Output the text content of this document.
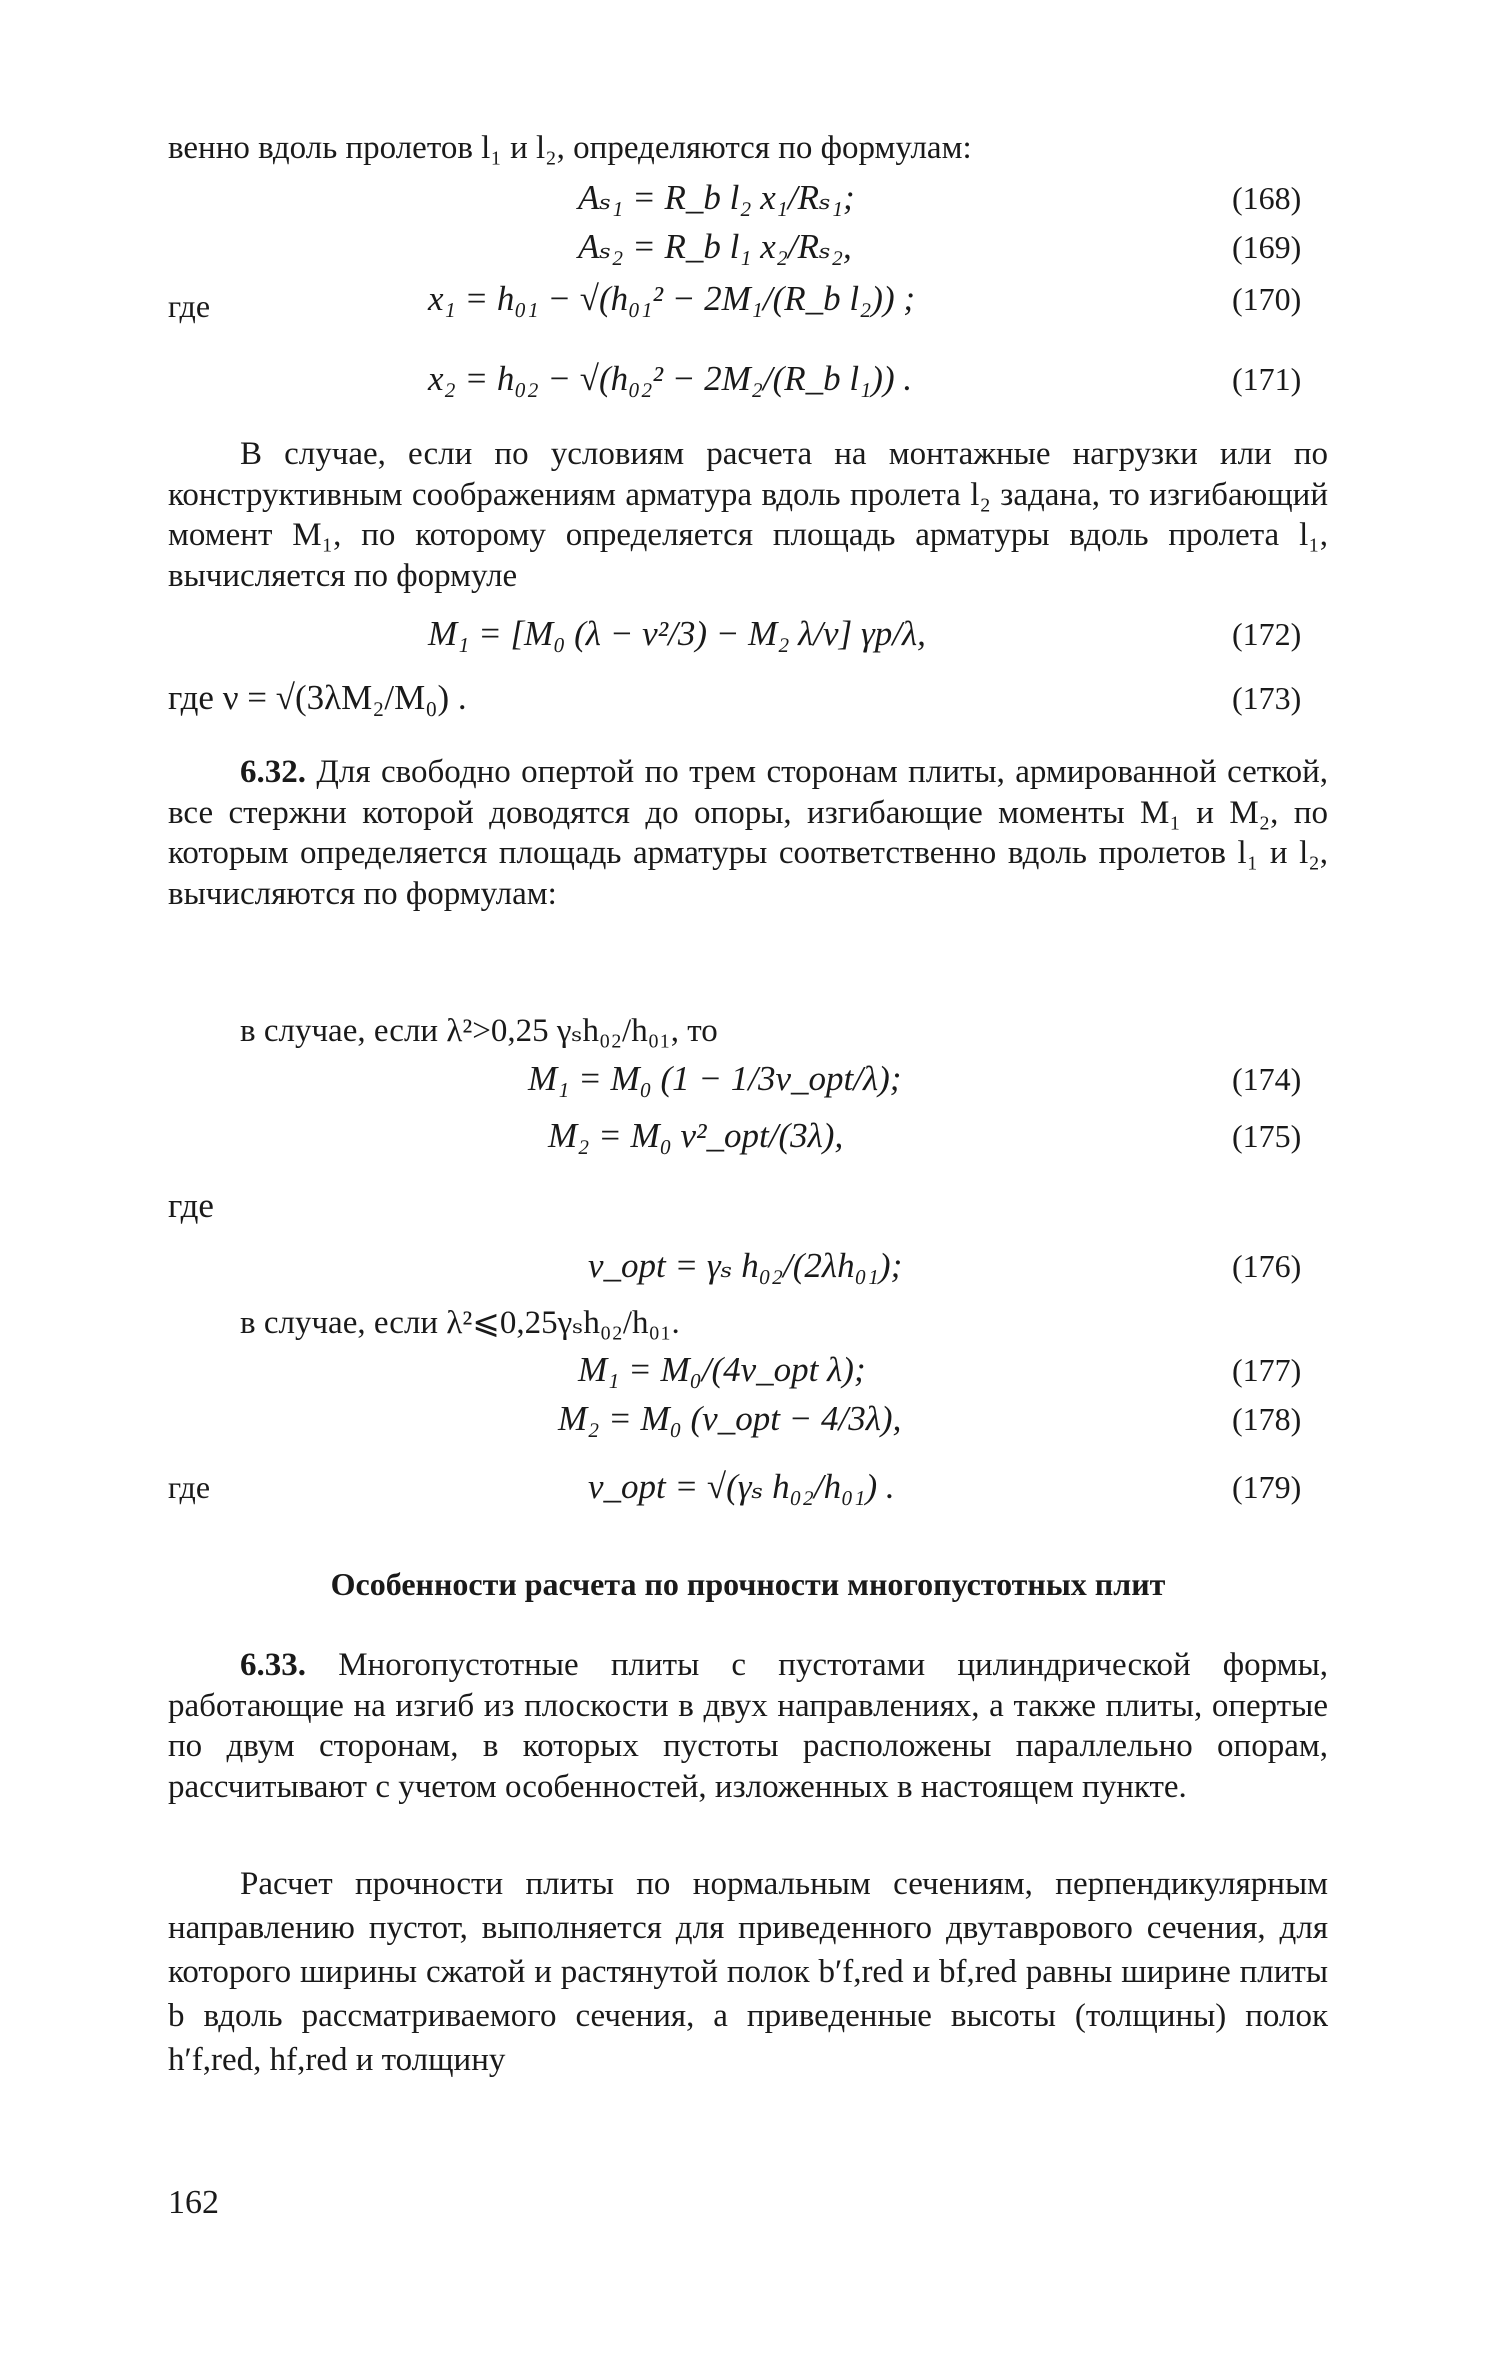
венно вдоль пролетов l₁ и l₂, определяются по формулам:
Aₛ₁ = R_b l₂ x₁/Rₛ₁;	(168)
Aₛ₂ = R_b l₁ x₂/Rₛ₂,	(169)
где	x₁ = h₀₁ − √(h₀₁² − 2M₁/(R_b l₂)) ;	(170)
x₂ = h₀₂ − √(h₀₂² − 2M₂/(R_b l₁)) .	(171)
В случае, если по условиям расчета на монтажные нагрузки или по конструктивным соображениям арматура вдоль пролета l₂ задана, то изгибающий момент M₁, по которому определяется площадь арматуры вдоль пролета l₁, вычисляется по формуле
M₁ = [M₀ (λ − ν²/3) − M₂ λ/ν] γp/λ,	(172)
где ν = √(3λM₂/M₀) .	(173)
6.32. Для свободно опертой по трем сторонам плиты, армированной сеткой, все стержни которой доводятся до опоры, изгибающие моменты M₁ и M₂, по которым определяется площадь арматуры соответственно вдоль пролетов l₁ и l₂, вычисляются по формулам:
в случае, если λ²>0,25 γₛh₀₂/h₀₁, то
M₁ = M₀ (1 − 1/3ν_opt/λ);	(174)
M₂ = M₀ ν²_opt/(3λ),	(175)
где
ν_opt = γₛ h₀₂/(2λh₀₁);	(176)
в случае, если λ²⩽0,25γₛh₀₂/h₀₁.
M₁ = M₀/(4ν_opt λ);	(177)
M₂ = M₀ (ν_opt − 4/3λ),	(178)
где	ν_opt = √(γₛ h₀₂/h₀₁) .	(179)
Особенности расчета по прочности многопустотных плит
6.33. Многопустотные плиты с пустотами цилиндрической формы, работающие на изгиб из плоскости в двух направлениях, а также плиты, опертые по двум сторонам, в которых пустоты расположены параллельно опорам, рассчитывают с учетом особенностей, изложенных в настоящем пункте.
Расчет прочности плиты по нормальным сечениям, перпендикулярным направлению пустот, выполняется для приведенного двутаврового сечения, для которого ширины сжатой и растянутой полок b′f,red и bf,red равны ширине плиты b вдоль рассматриваемого сечения, а приведенные высоты (толщины) полок h′f,red, hf,red и толщину
162
